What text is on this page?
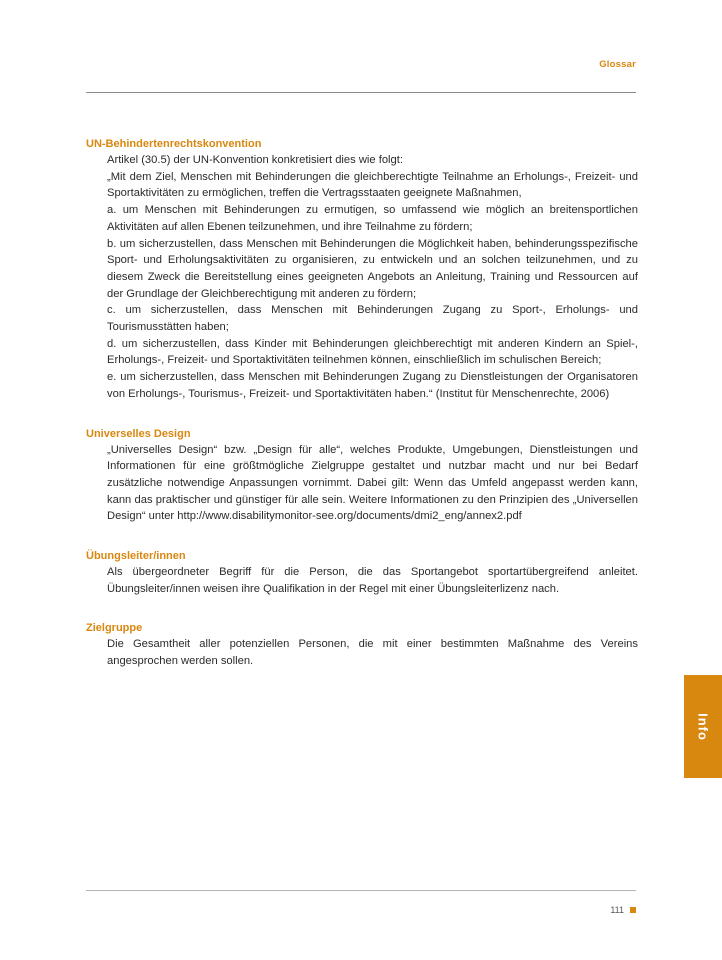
Glossar
UN-Behindertenrechtskonvention

Artikel (30.5) der UN-Konvention konkretisiert dies wie folgt:

„Mit dem Ziel, Menschen mit Behinderungen die gleichberechtigte Teilnahme an Erholungs-, Freizeit- und Sportaktivitäten zu ermöglichen, treffen die Vertragsstaaten geeignete Maßnahmen,

a. um Menschen mit Behinderungen zu ermutigen, so umfassend wie möglich an breitensportlichen Aktivitäten auf allen Ebenen teilzunehmen, und ihre Teilnahme zu fördern;

b. um sicherzustellen, dass Menschen mit Behinderungen die Möglichkeit haben, behinderungsspezifische Sport- und Erholungsaktivitäten zu organisieren, zu entwickeln und an solchen teilzunehmen, und zu diesem Zweck die Bereitstellung eines geeigneten Angebots an Anleitung, Training und Ressourcen auf der Grundlage der Gleichberechtigung mit anderen zu fördern;

c. um sicherzustellen, dass Menschen mit Behinderungen Zugang zu Sport-, Erholungs- und Tourismusstätten haben;

d. um sicherzustellen, dass Kinder mit Behinderungen gleichberechtigt mit anderen Kindern an Spiel-, Erholungs-, Freizeit- und Sportaktivitäten teilnehmen können, einschließlich im schulischen Bereich;

e. um sicherzustellen, dass Menschen mit Behinderungen Zugang zu Dienstleistungen der Organisatoren von Erholungs-, Tourismus-, Freizeit- und Sportaktivitäten haben.“ (Institut für Menschenrechte, 2006)

Universelles Design

„Universelles Design“ bzw. „Design für alle“, welches Produkte, Umgebungen, Dienstleistungen und Informationen für eine größtmögliche Zielgruppe gestaltet und nutzbar macht und nur bei Bedarf zusätzliche notwendige Anpassungen vornimmt. Dabei gilt: Wenn das Umfeld angepasst werden kann, kann das praktischer und günstiger für alle sein. Weitere Informationen zu den Prinzipien des „Universellen Design“ unter http://www.disabilitymonitor-see.org/documents/dmi2_eng/annex2.pdf

Übungsleiter/innen

Als übergeordneter Begriff für die Person, die das Sportangebot sportartübergreifend anleitet. Übungsleiter/innen weisen ihre Qualifikation in der Regel mit einer Übungsleiterlizenz nach.

Zielgruppe

Die Gesamtheit aller potenziellen Personen, die mit einer bestimmten Maßnahme des Vereins angesprochen werden sollen.

Info
111
